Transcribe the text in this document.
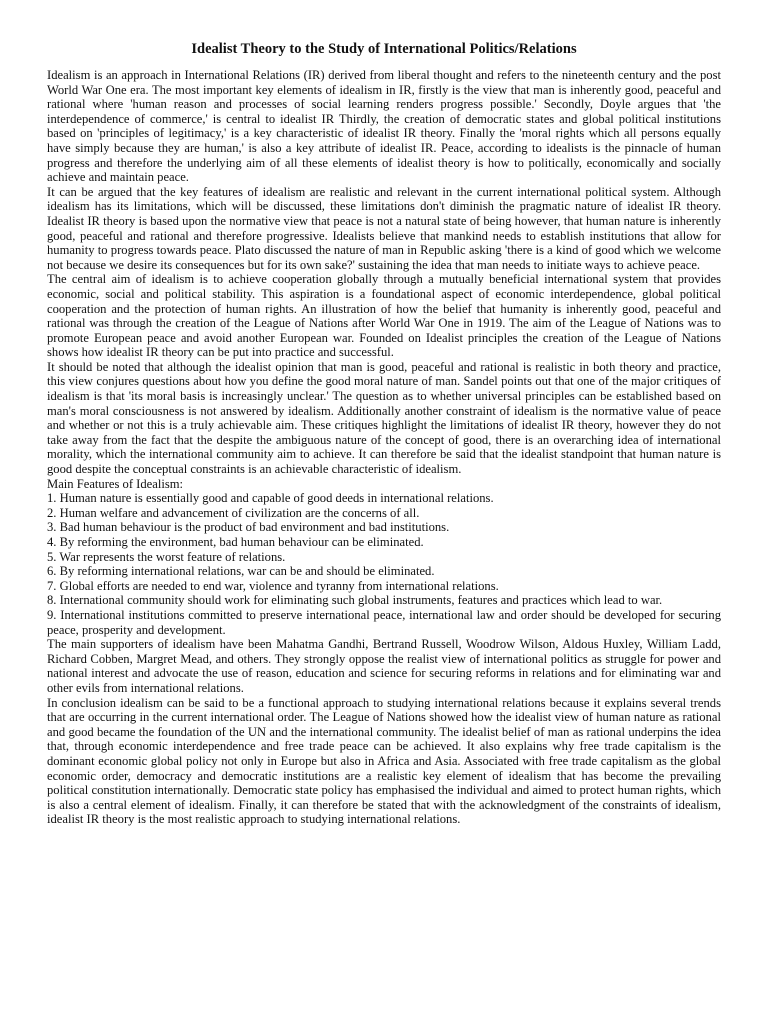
Idealist Theory to the Study of International Politics/Relations

Idealism is an approach in International Relations (IR) derived from liberal thought and refers to the nineteenth century and the post World War One era. The most important key elements of idealism in IR, firstly is the view that man is inherently good, peaceful and rational where 'human reason and processes of social learning renders progress possible.' Secondly, Doyle argues that 'the interdependence of commerce,' is central to idealist IR Thirdly, the creation of democratic states and global political institutions based on 'principles of legitimacy,' is a key characteristic of idealist IR theory. Finally the 'moral rights which all persons equally have simply because they are human,' is also a key attribute of idealist IR. Peace, according to idealists is the pinnacle of human progress and therefore the underlying aim of all these elements of idealist theory is how to politically, economically and socially achieve and maintain peace.

It can be argued that the key features of idealism are realistic and relevant in the current international political system. Although idealism has its limitations, which will be discussed, these limitations don't diminish the pragmatic nature of idealist IR theory. Idealist IR theory is based upon the normative view that peace is not a natural state of being however, that human nature is inherently good, peaceful and rational and therefore progressive. Idealists believe that mankind needs to establish institutions that allow for humanity to progress towards peace. Plato discussed the nature of man in Republic asking 'there is a kind of good which we welcome not because we desire its consequences but for its own sake?' sustaining the idea that man needs to initiate ways to achieve peace.

The central aim of idealism is to achieve cooperation globally through a mutually beneficial international system that provides economic, social and political stability. This aspiration is a foundational aspect of economic interdependence, global political cooperation and the protection of human rights. An illustration of how the belief that humanity is inherently good, peaceful and rational was through the creation of the League of Nations after World War One in 1919. The aim of the League of Nations was to promote European peace and avoid another European war. Founded on Idealist principles the creation of the League of Nations shows how idealist IR theory can be put into practice and successful.

It should be noted that although the idealist opinion that man is good, peaceful and rational is realistic in both theory and practice, this view conjures questions about how you define the good moral nature of man. Sandel points out that one of the major critiques of idealism is that 'its moral basis is increasingly unclear.' The question as to whether universal principles can be established based on man's moral consciousness is not answered by idealism. Additionally another constraint of idealism is the normative value of peace and whether or not this is a truly achievable aim. These critiques highlight the limitations of idealist IR theory, however they do not take away from the fact that the despite the ambiguous nature of the concept of good, there is an overarching idea of international morality, which the international community aim to achieve. It can therefore be said that the idealist standpoint that human nature is good despite the conceptual constraints is an achievable characteristic of idealism.

Main Features of Idealism:

1. Human nature is essentially good and capable of good deeds in international relations.
2. Human welfare and advancement of civilization are the concerns of all.
3. Bad human behaviour is the product of bad environment and bad institutions.
4. By reforming the environment, bad human behaviour can be eliminated.
5. War represents the worst feature of relations.
6. By reforming international relations, war can be and should be eliminated.
7. Global efforts are needed to end war, violence and tyranny from international relations.
8. International community should work for eliminating such global instruments, features and practices which lead to war.
9. International institutions committed to preserve international peace, international law and order should be developed for securing peace, prosperity and development.

The main supporters of idealism have been Mahatma Gandhi, Bertrand Russell, Woodrow Wilson, Aldous Huxley, William Ladd, Richard Cobben, Margret Mead, and others. They strongly oppose the realist view of international politics as struggle for power and national interest and advocate the use of reason, education and science for securing reforms in relations and for eliminating war and other evils from international relations.

In conclusion idealism can be said to be a functional approach to studying international relations because it explains several trends that are occurring in the current international order. The League of Nations showed how the idealist view of human nature as rational and good became the foundation of the UN and the international community. The idealist belief of man as rational underpins the idea that, through economic interdependence and free trade peace can be achieved. It also explains why free trade capitalism is the dominant economic global policy not only in Europe but also in Africa and Asia. Associated with free trade capitalism as the global economic order, democracy and democratic institutions are a realistic key element of idealism that has become the prevailing political constitution internationally. Democratic state policy has emphasised the individual and aimed to protect human rights, which is also a central element of idealism. Finally, it can therefore be stated that with the acknowledgment of the constraints of idealism, idealist IR theory is the most realistic approach to studying international relations.
